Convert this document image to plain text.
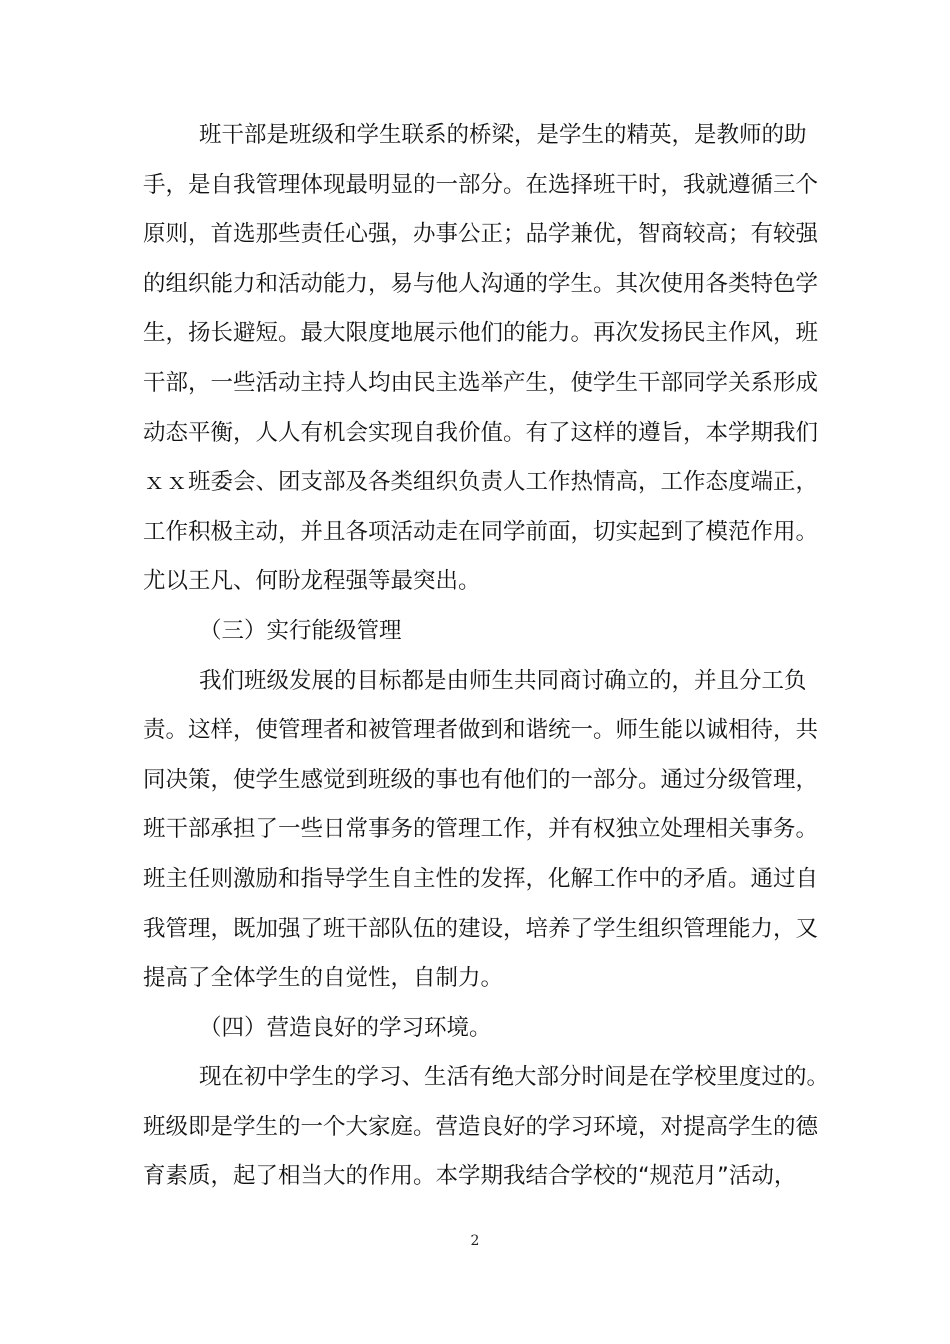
班干部是班级和学生联系的桥梁，是学生的精英，是教师的助
手，是自我管理体现最明显的一部分。在选择班干时，我就遵循三个
原则，首选那些责任心强，办事公正；品学兼优，智商较高；有较强
的组织能力和活动能力，易与他人沟通的学生。其次使用各类特色学
生，扬长避短。最大限度地展示他们的能力。再次发扬民主作风，班
干部，一些活动主持人均由民主选举产生，使学生干部同学关系形成
动态平衡，人人有机会实现自我价值。有了这样的遵旨，本学期我们
ｘｘ班委会、团支部及各类组织负责人工作热情高，工作态度端正，
工作积极主动，并且各项活动走在同学前面，切实起到了模范作用。
尤以王凡、何盼龙程强等最突出。
（三）实行能级管理
我们班级发展的目标都是由师生共同商讨确立的，并且分工负
责。这样，使管理者和被管理者做到和谐统一。师生能以诚相待，共
同决策，使学生感觉到班级的事也有他们的一部分。通过分级管理，
班干部承担了一些日常事务的管理工作，并有权独立处理相关事务。
班主任则激励和指导学生自主性的发挥，化解工作中的矛盾。通过自
我管理，既加强了班干部队伍的建设，培养了学生组织管理能力，又
提高了全体学生的自觉性，自制力。
（四）营造良好的学习环境。
现在初中学生的学习、生活有绝大部分时间是在学校里度过的。
班级即是学生的一个大家庭。营造良好的学习环境，对提高学生的德
育素质，起了相当大的作用。本学期我结合学校的“规范月”活动，
2
